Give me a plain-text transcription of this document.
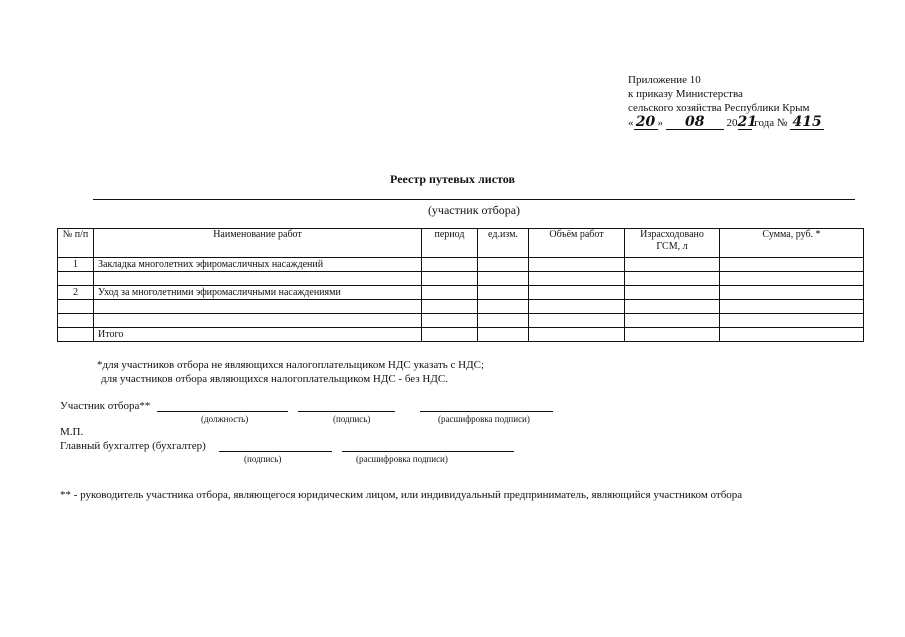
Приложение 10
к приказу Министерства
сельского хозяйства Республики Крым
« 20 » 08 2021 года № 415
Реестр путевых листов
(участник отбора)
№ п/п	Наименование работ	период	ед.изм.	Объём работ	Израсходовано ГСМ, л	Сумма, руб. *
1	Закладка многолетних эфиромасличных насаждений					

2	Уход за многолетними эфиромасличными насаждениями					

	Итого					
*для участников отбора не являющихся налогоплательщиком НДС указать с НДС;
для участников отбора являющихся налогоплательщиком НДС - без НДС.
Участник отбора**
(должность)	(подпись)	(расшифровка подписи)
М.П.
Главный бухгалтер (бухгалтер)
(подпись)	(расшифровка подписи)
** - руководитель участника отбора, являющегося юридическим лицом, или индивидуальный предприниматель, являющийся участником отбора
